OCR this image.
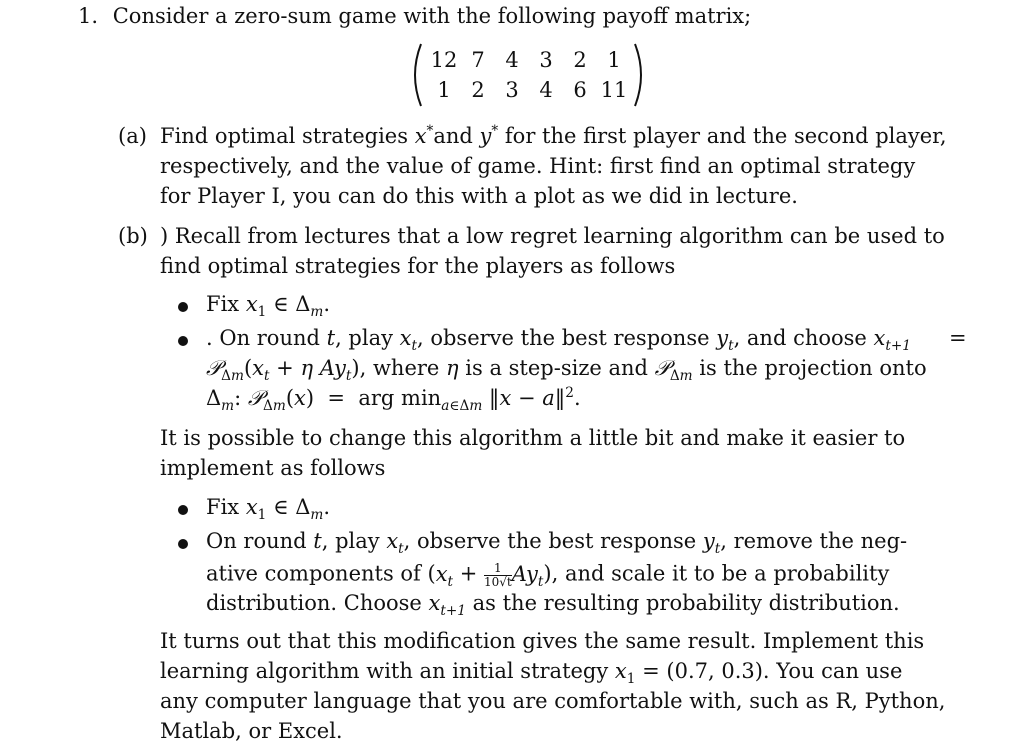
1. Consider a zero-sum game with the following payoff matrix;
12 7 4 3 2 1
1 2 3 4 6 11
(a) Find optimal strategies x*and y* for the first player and the second player,
respectively, and the value of game. Hint: first find an optimal strategy
for Player I, you can do this with a plot as we did in lecture.
(b) ) Recall from lectures that a low regret learning algorithm can be used to
find optimal strategies for the players as follows
Fix $x_1$ ∈ $\Delta_m$.
. On round t, play $x_t$, observe the best response $y_t$, and choose $x_{t+1}$ =
$𝒫_{\Delta m}(x_t + \eta$ $Ay_t$), where η is a step-size and 𝒫$_{\Delta m}$ is the projection onto
$\Delta_m$: 𝒫$_{\Delta m}$(x)  =  arg $\min_{a\in\Delta m}$ ‖x − a‖$^2$.
It is possible to change this algorithm a little bit and make it easier to
implement as follows
Fix $x_1$ ∈ $\Delta_m$.
On round t, play $x_t$, observe the best response $y_t$, remove the neg-
ative components of $(x_t + \frac{1}{10√t} Ay_t)$, and scale it to be a probability
distribution. Choose $x_{t+1}$ as the resulting probability distribution.
It turns out that this modification gives the same result. Implement this
learning algorithm with an initial strategy $x_1 = (0.7$, 0.3). You can use
any computer language that you are comfortable with, such as R, Python,
Matlab, or Excel.
